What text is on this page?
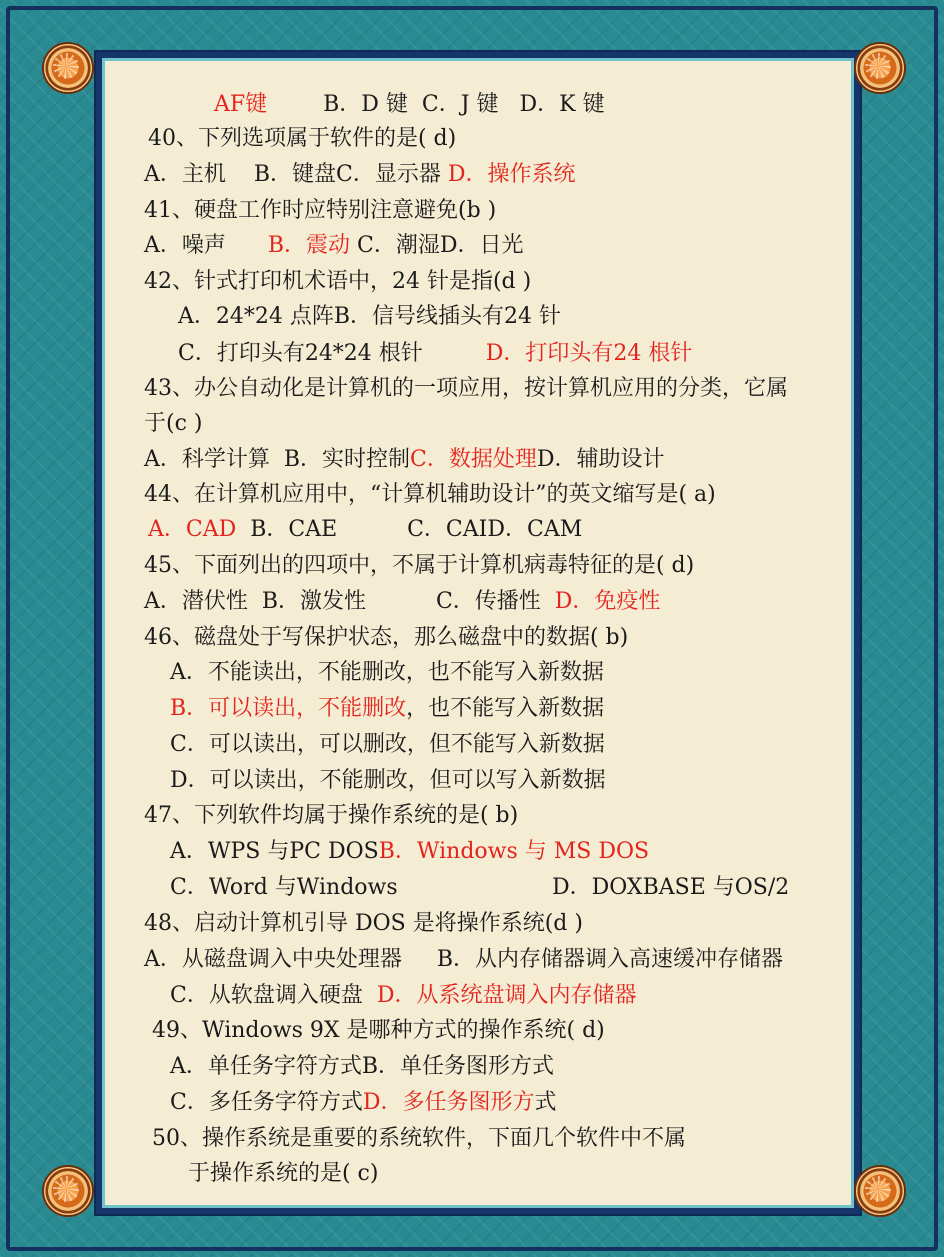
AF键        B．D 键  C．J 键   D．K 键

40、下列选项属于软件的是( d)

A．主机    B．键盘C．显示器 D．操作系统

41、硬盘工作时应特别注意避免(b )

A．噪声      B．震动 C．潮湿D．日光

42、针式打印机术语中，24 针是指(d )

A．24*24 点阵B．信号线插头有24 针

C．打印头有24*24 根针         D．打印头有24 根针

43、办公自动化是计算机的一项应用，按计算机应用的分类，它属

于(c )

A．科学计算  B．实时控制C．数据处理D．辅助设计

44、在计算机应用中，“计算机辅助设计”的英文缩写是( a)

A．CAD  B．CAE          C．CAID．CAM

45、下面列出的四项中，不属于计算机病毒特征的是( d)

A．潜伏性  B．激发性          C．传播性  D．免疫性

46、磁盘处于写保护状态，那么磁盘中的数据( b)

A．不能读出，不能删改，也不能写入新数据

B．可以读出，不能删改，也不能写入新数据

C．可以读出，可以删改，但不能写入新数据

D．可以读出，不能删改，但可以写入新数据

47、下列软件均属于操作系统的是( b)

A．WPS 与PC DOSB．Windows 与 MS DOS

C．Word 与Windows
	D．DOXBASE 与OS/2

48、启动计算机引导 DOS 是将操作系统(d )

A．从磁盘调入中央处理器     B．从内存储器调入高速缓冲存储器

C．从软盘调入硬盘  D．从系统盘调入内存储器

49、Windows 9X 是哪种方式的操作系统( d)

A．单任务字符方式B．单任务图形方式

C．多任务字符方式D．多任务图形方式

50、操作系统是重要的系统软件，下面几个软件中不属

于操作系统的是( c)
